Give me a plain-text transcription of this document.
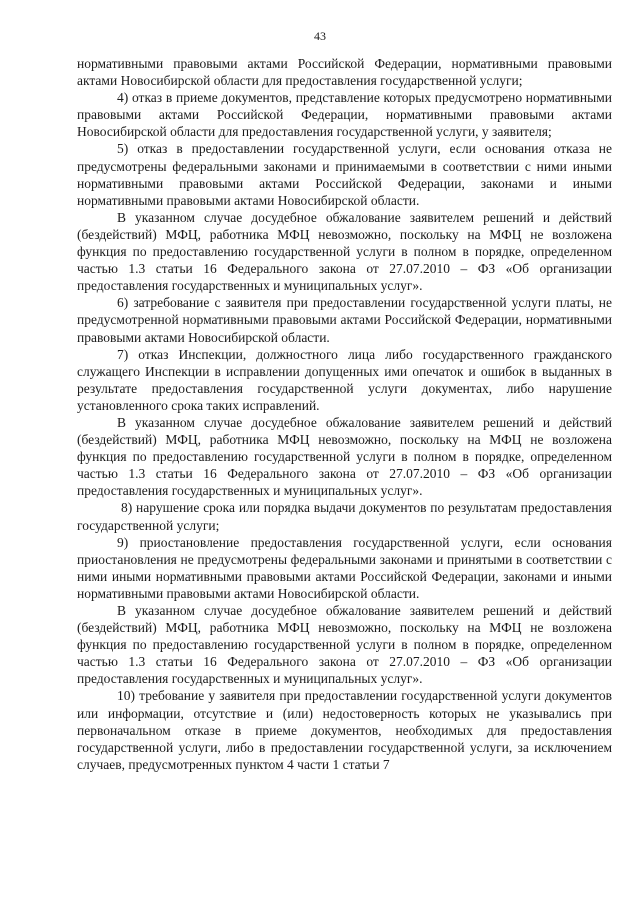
43

нормативными правовыми актами Российской Федерации, нормативными правовыми актами Новосибирской области для предоставления государственной услуги;

4) отказ в приеме документов, представление которых предусмотрено нормативными правовыми актами Российской Федерации, нормативными правовыми актами Новосибирской области для предоставления государственной услуги, у заявителя;

5) отказ в предоставлении государственной услуги, если основания отказа не предусмотрены федеральными законами и принимаемыми в соответствии с ними иными нормативными правовыми актами Российской Федерации, законами и иными нормативными правовыми актами Новосибирской области.

В указанном случае досудебное обжалование заявителем решений и действий (бездействий) МФЦ, работника МФЦ невозможно, поскольку на МФЦ не возложена функция по предоставлению государственной услуги в полном в порядке, определенном частью 1.3 статьи 16 Федерального закона от 27.07.2010 – ФЗ «Об организации предоставления государственных и муниципальных услуг».

6) затребование с заявителя при предоставлении государственной услуги платы, не предусмотренной нормативными правовыми актами Российской Федерации, нормативными правовыми актами Новосибирской области.

7) отказ Инспекции, должностного лица либо государственного гражданского служащего Инспекции в исправлении допущенных ими опечаток и ошибок в выданных в результате предоставления государственной услуги документах, либо нарушение установленного срока таких исправлений.

В указанном случае досудебное обжалование заявителем решений и действий (бездействий) МФЦ, работника МФЦ невозможно, поскольку на МФЦ не возложена функция по предоставлению государственной услуги в полном в порядке, определенном частью 1.3 статьи 16 Федерального закона от 27.07.2010 – ФЗ «Об организации предоставления государственных и муниципальных услуг».

8) нарушение срока или порядка выдачи документов по результатам предоставления государственной услуги;

9) приостановление предоставления государственной услуги, если основания приостановления не предусмотрены федеральными законами и принятыми в соответствии с ними иными нормативными правовыми актами Российской Федерации, законами и иными нормативными правовыми актами Новосибирской области.

В указанном случае досудебное обжалование заявителем решений и действий (бездействий) МФЦ, работника МФЦ невозможно, поскольку на МФЦ не возложена функция по предоставлению государственной услуги в полном в порядке, определенном частью 1.3 статьи 16 Федерального закона от 27.07.2010 – ФЗ «Об организации предоставления государственных и муниципальных услуг».

10) требование у заявителя при предоставлении государственной услуги документов или информации, отсутствие и (или) недостоверность которых не указывались при первоначальном отказе в приеме документов, необходимых для предоставления государственной услуги, либо в предоставлении государственной услуги, за исключением случаев, предусмотренных пунктом 4 части 1 статьи 7
